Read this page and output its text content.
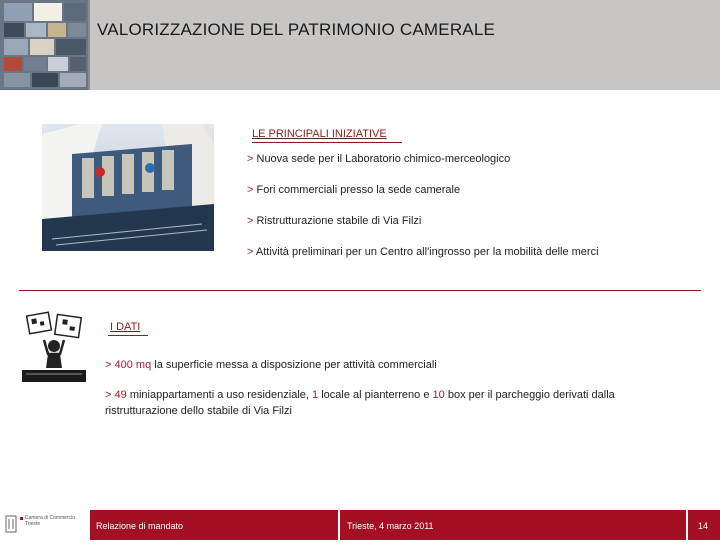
VALORIZZAZIONE DEL PATRIMONIO CAMERALE
LE PRINCIPALI INIZIATIVE
> Nuova sede per il Laboratorio chimico-merceologico
> Fori commerciali presso la sede camerale
> Ristrutturazione stabile di Via Filzi
> Attività preliminari per un Centro all'ingrosso per la mobilità delle merci
I DATI
> 400 mq la superficie messa a disposizione per attività commerciali
> 49 miniappartamenti a uso residenziale, 1 locale al pianterreno e 10 box per il parcheggio derivati dalla
ristrutturazione dello stabile di Via Filzi
Camera di Commercio Trieste	Relazione di mandato	Trieste, 4 marzo 2011	14
